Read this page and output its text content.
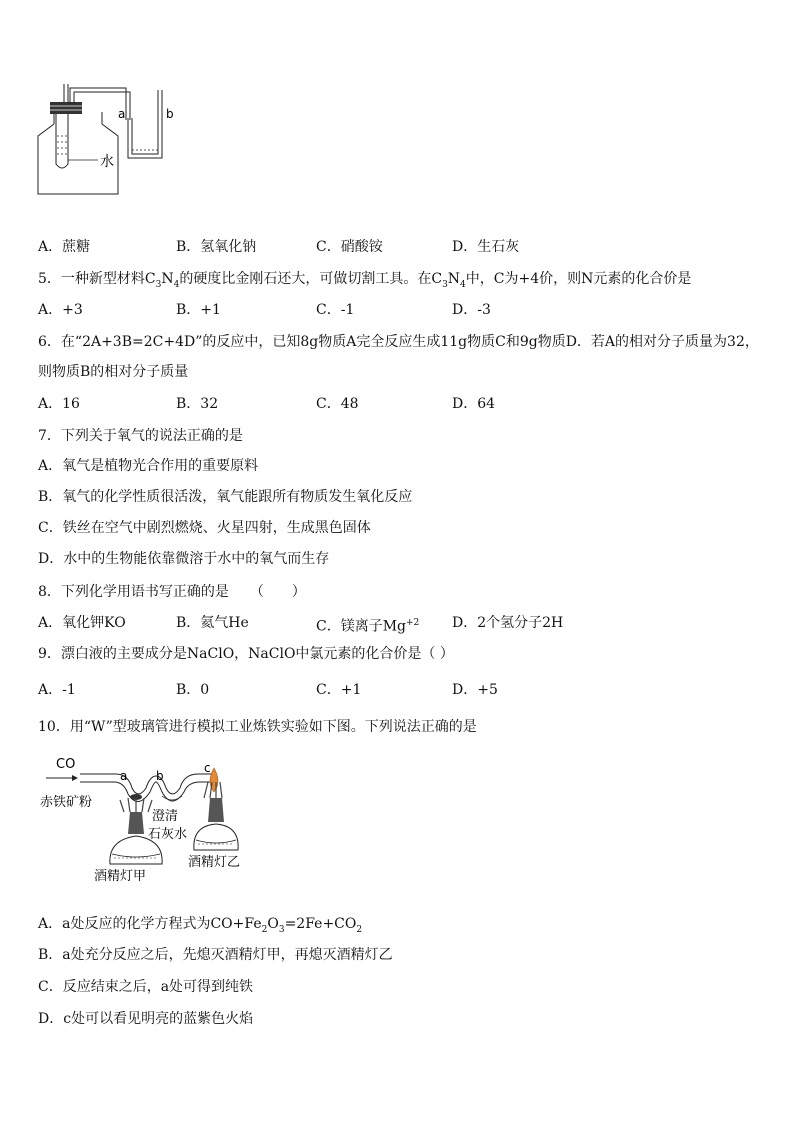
a	b
水
A．蔗糖	B．氢氧化钠	C．硝酸铵	D．生石灰
5．一种新型材料$C_3N_4$的硬度比金刚石还大，可做切割工具。在$C_3N_4$中，C为+4价，则N元素的化合价是
A．+3	B．+1	C．-1	D．-3
6．在“2A+3B=2C+4D”的反应中，已知8g物质A完全反应生成11g物质C和9g物质D．若A的相对分子质量为32，
则物质B的相对分子质量
A．16	B．32	C．48	D．64
7．下列关于氧气的说法正确的是
A．氧气是植物光合作用的重要原料
B．氧气的化学性质很活泼，氧气能跟所有物质发生氧化反应
C．铁丝在空气中剧烈燃烧、火星四射，生成黑色固体
D．水中的生物能依靠微溶于水中的氧气而生存
8．下列化学用语书写正确的是　　（　　）
A．氧化钾KO	B．氦气He	C．镁离子$Mg^{+2}$ D．2个氢分子2H
9．漂白液的主要成分是NaClO，NaClO中氯元素的化合价是（ ）
A．-1	B．0	C．+1	D．+5
10．用“W”型玻璃管进行模拟工业炼铁实验如下图。下列说法正确的是
CO
a b
c
赤铁矿粉
澄清
石灰水
酒精灯甲
酒精灯乙
A．a处反应的化学方程式为$CO+Fe_2O_3=2Fe+CO_2$
B．a处充分反应之后，先熄灭酒精灯甲，再熄灭酒精灯乙
C．反应结束之后，a处可得到纯铁
D．c处可以看见明亮的蓝紫色火焰
